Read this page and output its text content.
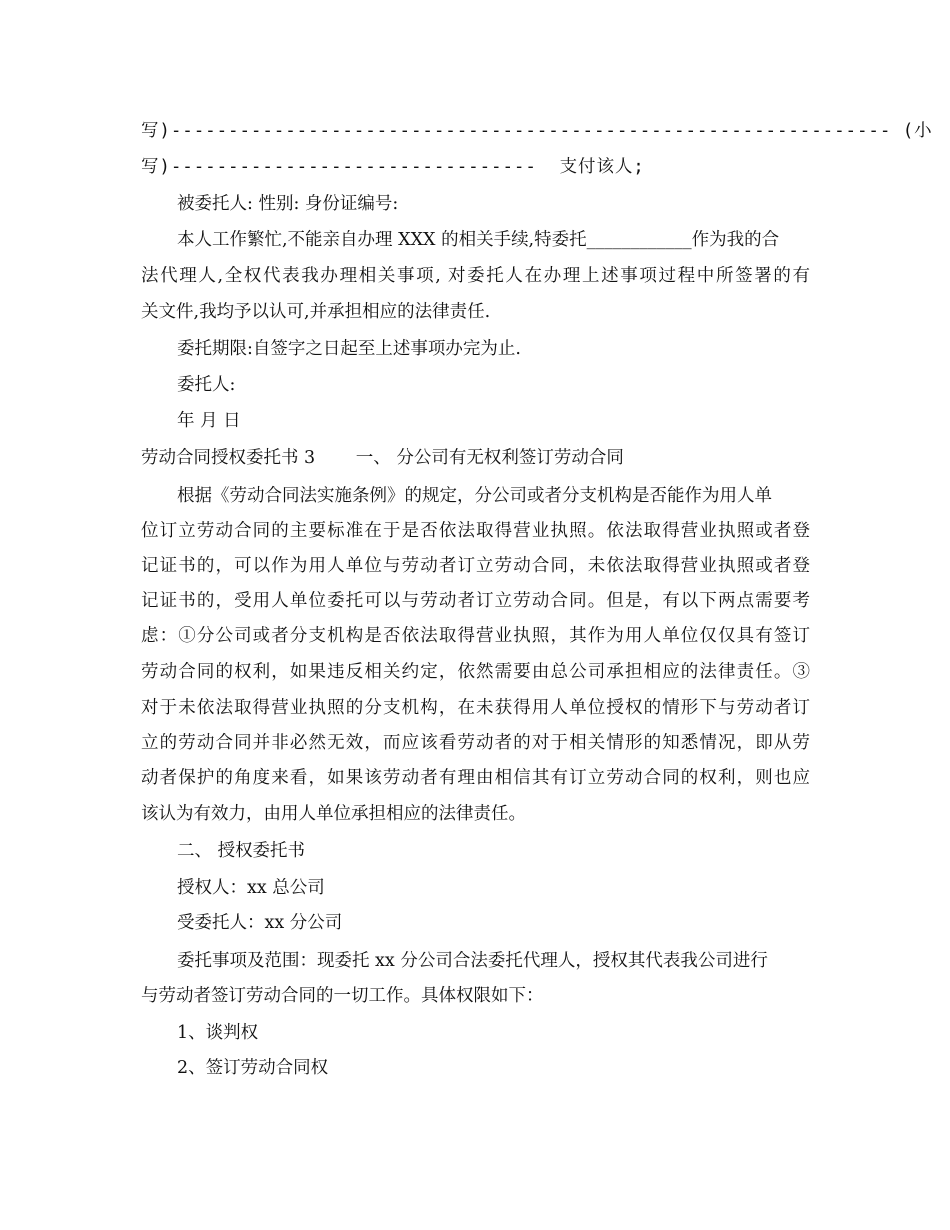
写)--------------------------------------------------------------- (小
写)--------------------------------  支付该人;
被委托人: 性别: 身份证编号:
本人工作繁忙,不能亲自办理 XXX 的相关手续,特委托____________作为我的合
法代理人,全权代表我办理相关事项, 对委托人在办理上述事项过程中所签署的有
关文件,我均予以认可,并承担相应的法律责任.
委托期限:自签字之日起至上述事项办完为止.
委托人:
年 月 日
劳动合同授权委托书 3　　 一、 分公司有无权利签订劳动合同
根据《劳动合同法实施条例》的规定，分公司或者分支机构是否能作为用人单
位订立劳动合同的主要标准在于是否依法取得营业执照。依法取得营业执照或者登
记证书的，可以作为用人单位与劳动者订立劳动合同，未依法取得营业执照或者登
记证书的，受用人单位委托可以与劳动者订立劳动合同。但是，有以下两点需要考
虑：①分公司或者分支机构是否依法取得营业执照，其作为用人单位仅仅具有签订
劳动合同的权利，如果违反相关约定，依然需要由总公司承担相应的法律责任。③
对于未依法取得营业执照的分支机构，在未获得用人单位授权的情形下与劳动者订
立的劳动合同并非必然无效，而应该看劳动者的对于相关情形的知悉情况，即从劳
动者保护的角度来看，如果该劳动者有理由相信其有订立劳动合同的权利，则也应
该认为有效力，由用人单位承担相应的法律责任。
二、 授权委托书
授权人：xx 总公司
受委托人：xx 分公司
委托事项及范围：现委托 xx 分公司合法委托代理人，授权其代表我公司进行
与劳动者签订劳动合同的一切工作。具体权限如下：
1、谈判权
2、签订劳动合同权
